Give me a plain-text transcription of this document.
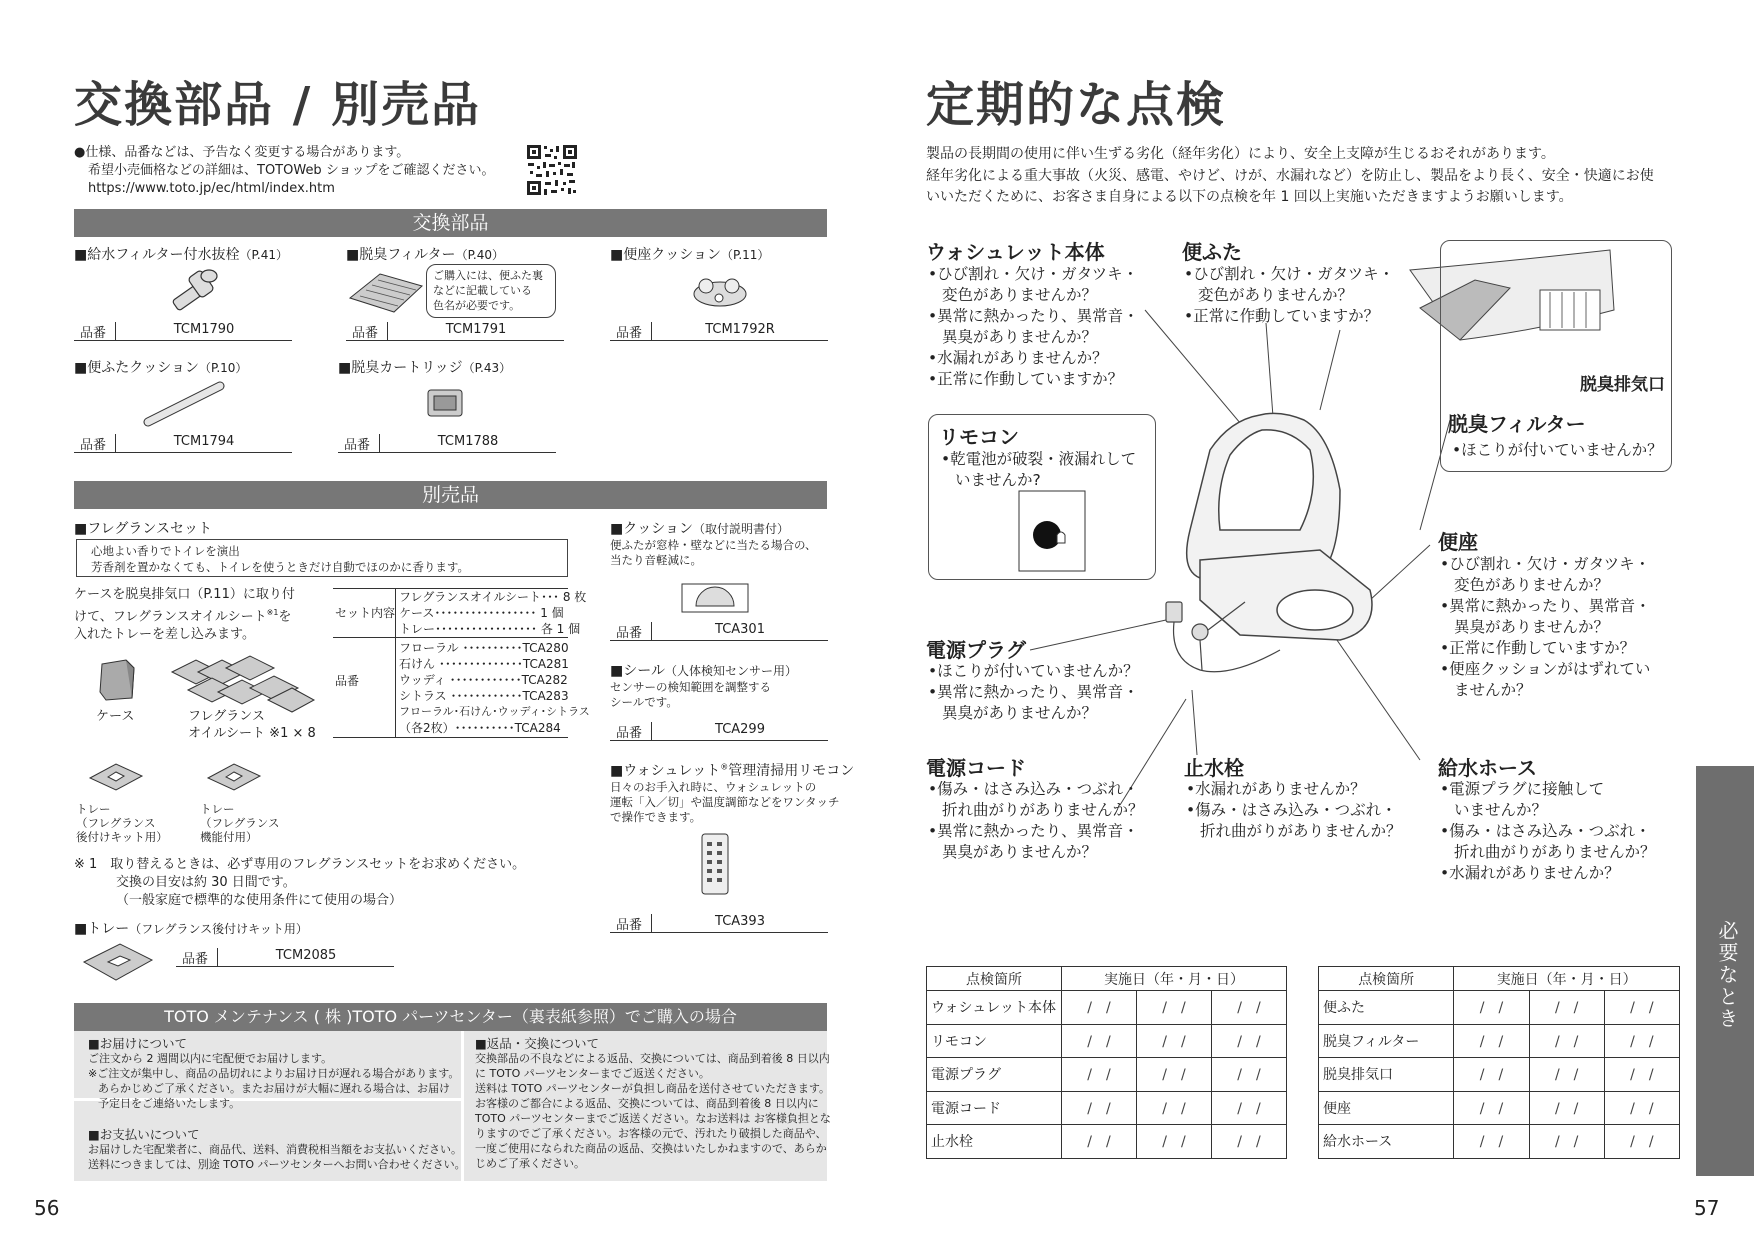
交換部品 / 別売品
●仕様、品番などは、予告なく変更する場合があります。
希望小売価格などの詳細は、TOTOWeb ショップをご確認ください。
https://www.toto.jp/ec/html/index.htm
交換部品
■給水フィルター付水抜栓（P.41）
品番	TCM1790
■脱臭フィルター（P.40）
ご購入には、便ふた裏
などに記載している
色名が必要です。
品番	TCM1791
■便座クッション（P.11）
品番	TCM1792R
■便ふたクッション（P.10）
品番	TCM1794
■脱臭カートリッジ（P.43）
品番	TCM1788
別売品
■フレグランスセット
心地よい香りでトイレを演出
芳香剤を置かなくても、トイレを使うときだけ自動でほのかに香ります。
ケースを脱臭排気口（P.11）に取り付
けて、フレグランスオイルシート$^{※1}$を
入れたトレーを差し込みます。
セット内容
フレグランスオイルシート･･･ 8 枚
ケース･････････････････ 1 個
トレー･････････････････ 各 1 個
品番
フローラル ･･････････TCA280
石けん ･･････････････TCA281
ウッディ ････････････TCA282
シトラス ････････････TCA283
フローラル･石けん･ウッディ･シトラス
（各2枚）･･････････TCA284
ケース	フレグランス
オイルシート ※1 × 8
トレー
（フレグランス
後付けキット用）
トレー
（フレグランス
機能付用）
※ 1　取り替えるときは、必ず専用のフレグランスセットをお求めください。
交換の目安は約 30 日間です。
（一般家庭で標準的な使用条件にて使用の場合）
■トレー（フレグランス後付けキット用）
品番	TCM2085
■クッション（取付説明書付）
便ふたが窓枠・壁などに当たる場合の、
当たり音軽減に。
品番	TCA301
■シール（人体検知センサー用）
センサーの検知範囲を調整する
シールです。
品番	TCA299
■ウォシュレット®管理清掃用リモコン
日々のお手入れ時に、ウォシュレットの
運転「入／切」や温度調節などをワンタッチ
で操作できます。
品番	TCA393
TOTO メンテナンス ( 株 )TOTO パーツセンター（裏表紙参照）でご購入の場合
■お届けについて
ご注文から 2 週間以内に宅配便でお届けします。
※ご注文が集中し、商品の品切れによりお届け日が遅れる場合があります。
あらかじめご了承ください。またお届けが大幅に遅れる場合は、お届け
予定日をご連絡いたします。
■お支払いについて
お届けした宅配業者に、商品代、送料、消費税相当額をお支払いください。
送料につきましては、別途 TOTO パーツセンターへお問い合わせください。
■返品・交換について
交換部品の不良などによる返品、交換については、商品到着後 8 日以内
に TOTO パーツセンターまでご返送ください。
送料は TOTO パーツセンターが負担し商品を送付させていただきます。
お客様のご都合による返品、交換については、商品到着後 8 日以内に
TOTO パーツセンターまでご返送ください。なお送料は お客様負担とな
りますのでご了承ください。お客様の元で、汚れたり破損した商品や、
一度ご使用になられた商品の返品、交換はいたしかねますので、あらか
じめご了承ください。
56
定期的な点検
製品の長期間の使用に伴い生ずる劣化（経年劣化）により、安全上支障が生じるおそれがあります。
経年劣化による重大事故（火災、感電、やけど、けが、水漏れなど）を防止し、製品をより長く、安全・快適にお使
いいただくために、お客さま自身による以下の点検を年 1 回以上実施いただきますようお願いします。
脱臭排気口
脱臭フィルター
•ほこりが付いていませんか？
ウォシュレット本体
•ひび割れ・欠け・ガタツキ・
変色がありませんか？
•異常に熱かったり、異常音・
異臭がありませんか？
•水漏れがありませんか？
•正常に作動していますか？
便ふた
•ひび割れ・欠け・ガタツキ・
変色がありませんか？
•正常に作動していますか？
リモコン
•乾電池が破裂・液漏れして
いませんか?
便座
•ひび割れ・欠け・ガタツキ・
変色がありませんか？
•異常に熱かったり、異常音・
異臭がありませんか？
•正常に作動していますか？
•便座クッションがはずれてい
ませんか？
電源プラグ
•ほこりが付いていませんか？
•異常に熱かったり、異常音・
異臭がありませんか？
電源コード
•傷み・はさみ込み・つぶれ・
折れ曲がりがありませんか？
•異常に熱かったり、異常音・
異臭がありませんか？
止水栓
•水漏れがありませんか？
•傷み・はさみ込み・つぶれ・
折れ曲がりがありませんか？
給水ホース
•電源プラグに接触して
いませんか？
•傷み・はさみ込み・つぶれ・
折れ曲がりがありませんか？
•水漏れがありませんか？
点検箇所	実施日（年・月・日）		
ウォシュレット本体	/　/	/　/	/　/
リモコン	/　/	/　/	/　/
電源プラグ	/　/	/　/	/　/
電源コード	/　/	/　/	/　/
止水栓	/　/	/　/	/　/
点検箇所	実施日（年・月・日）		
便ふた	/　/	/　/	/　/
脱臭フィルター	/　/	/　/	/　/
脱臭排気口	/　/	/　/	/　/
便座	/　/	/　/	/　/
給水ホース	/　/	/　/	/　/
必要なとき
57
